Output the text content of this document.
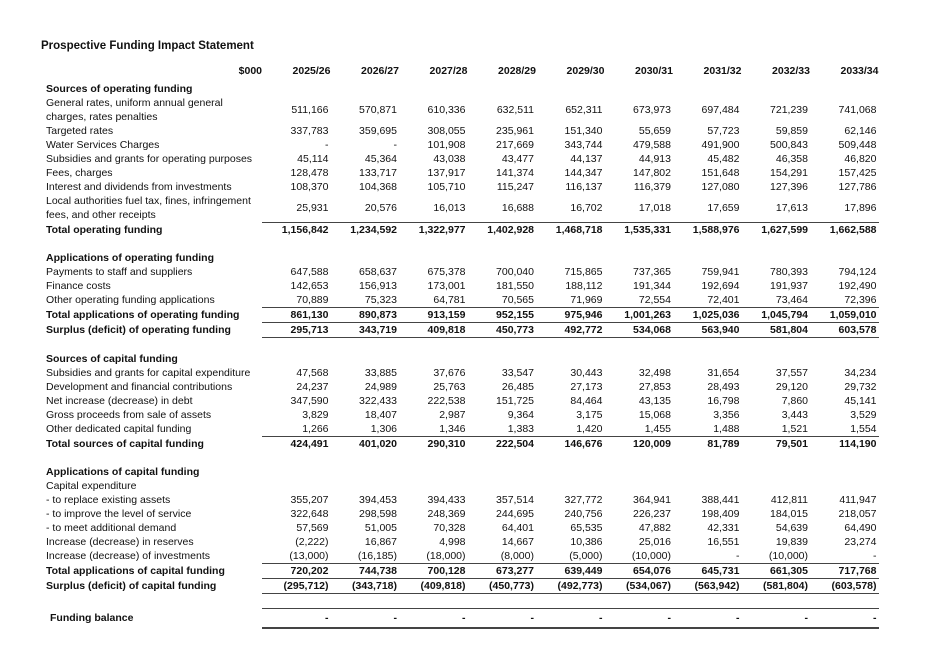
Prospective Funding Impact Statement
$000	2025/26	2026/27	2027/28	2028/29	2029/30	2030/31	2031/32	2032/33	2033/34
Sources of operating funding									
General rates, uniform annual general charges, rates penalties	511,166	570,871	610,336	632,511	652,311	673,973	697,484	721,239	741,068
Targeted rates	337,783	359,695	308,055	235,961	151,340	55,659	57,723	59,859	62,146
Water Services Charges	-	-	101,908	217,669	343,744	479,588	491,900	500,843	509,448
Subsidies and grants for operating purposes	45,114	45,364	43,038	43,477	44,137	44,913	45,482	46,358	46,820
Fees, charges	128,478	133,717	137,917	141,374	144,347	147,802	151,648	154,291	157,425
Interest and dividends from investments	108,370	104,368	105,710	115,247	116,137	116,379	127,080	127,396	127,786
Local authorities fuel tax, fines, infringement fees, and other receipts	25,931	20,576	16,013	16,688	16,702	17,018	17,659	17,613	17,896
Total operating funding	1,156,842	1,234,592	1,322,977	1,402,928	1,468,718	1,535,331	1,588,976	1,627,599	1,662,588

Applications of operating funding									
Payments to staff and suppliers	647,588	658,637	675,378	700,040	715,865	737,365	759,941	780,393	794,124
Finance costs	142,653	156,913	173,001	181,550	188,112	191,344	192,694	191,937	192,490
Other operating funding applications	70,889	75,323	64,781	70,565	71,969	72,554	72,401	73,464	72,396
Total applications of operating funding	861,130	890,873	913,159	952,155	975,946	1,001,263	1,025,036	1,045,794	1,059,010
Surplus (deficit) of operating funding	295,713	343,719	409,818	450,773	492,772	534,068	563,940	581,804	603,578

Sources of capital funding									
Subsidies and grants for capital expenditure	47,568	33,885	37,676	33,547	30,443	32,498	31,654	37,557	34,234
Development and financial contributions	24,237	24,989	25,763	26,485	27,173	27,853	28,493	29,120	29,732
Net increase (decrease) in debt	347,590	322,433	222,538	151,725	84,464	43,135	16,798	7,860	45,141
Gross proceeds from sale of assets	3,829	18,407	2,987	9,364	3,175	15,068	3,356	3,443	3,529
Other dedicated capital funding	1,266	1,306	1,346	1,383	1,420	1,455	1,488	1,521	1,554
Total sources of capital funding	424,491	401,020	290,310	222,504	146,676	120,009	81,789	79,501	114,190

Applications of capital funding									
Capital expenditure									
- to replace existing assets	355,207	394,453	394,433	357,514	327,772	364,941	388,441	412,811	411,947
- to improve the level of service	322,648	298,598	248,369	244,695	240,756	226,237	198,409	184,015	218,057
- to meet additional demand	57,569	51,005	70,328	64,401	65,535	47,882	42,331	54,639	64,490
Increase (decrease) in reserves	(2,222)	16,867	4,998	14,667	10,386	25,016	16,551	19,839	23,274
Increase (decrease) of investments	(13,000)	(16,185)	(18,000)	(8,000)	(5,000)	(10,000)	-	(10,000)	-
Total applications of capital funding	720,202	744,738	700,128	673,277	639,449	654,076	645,731	661,305	717,768
Surplus (deficit) of capital funding	(295,712)	(343,718)	(409,818)	(450,773)	(492,773)	(534,067)	(563,942)	(581,804)	(603,578)

Funding balance	-	-	-	-	-	-	-	-	-
